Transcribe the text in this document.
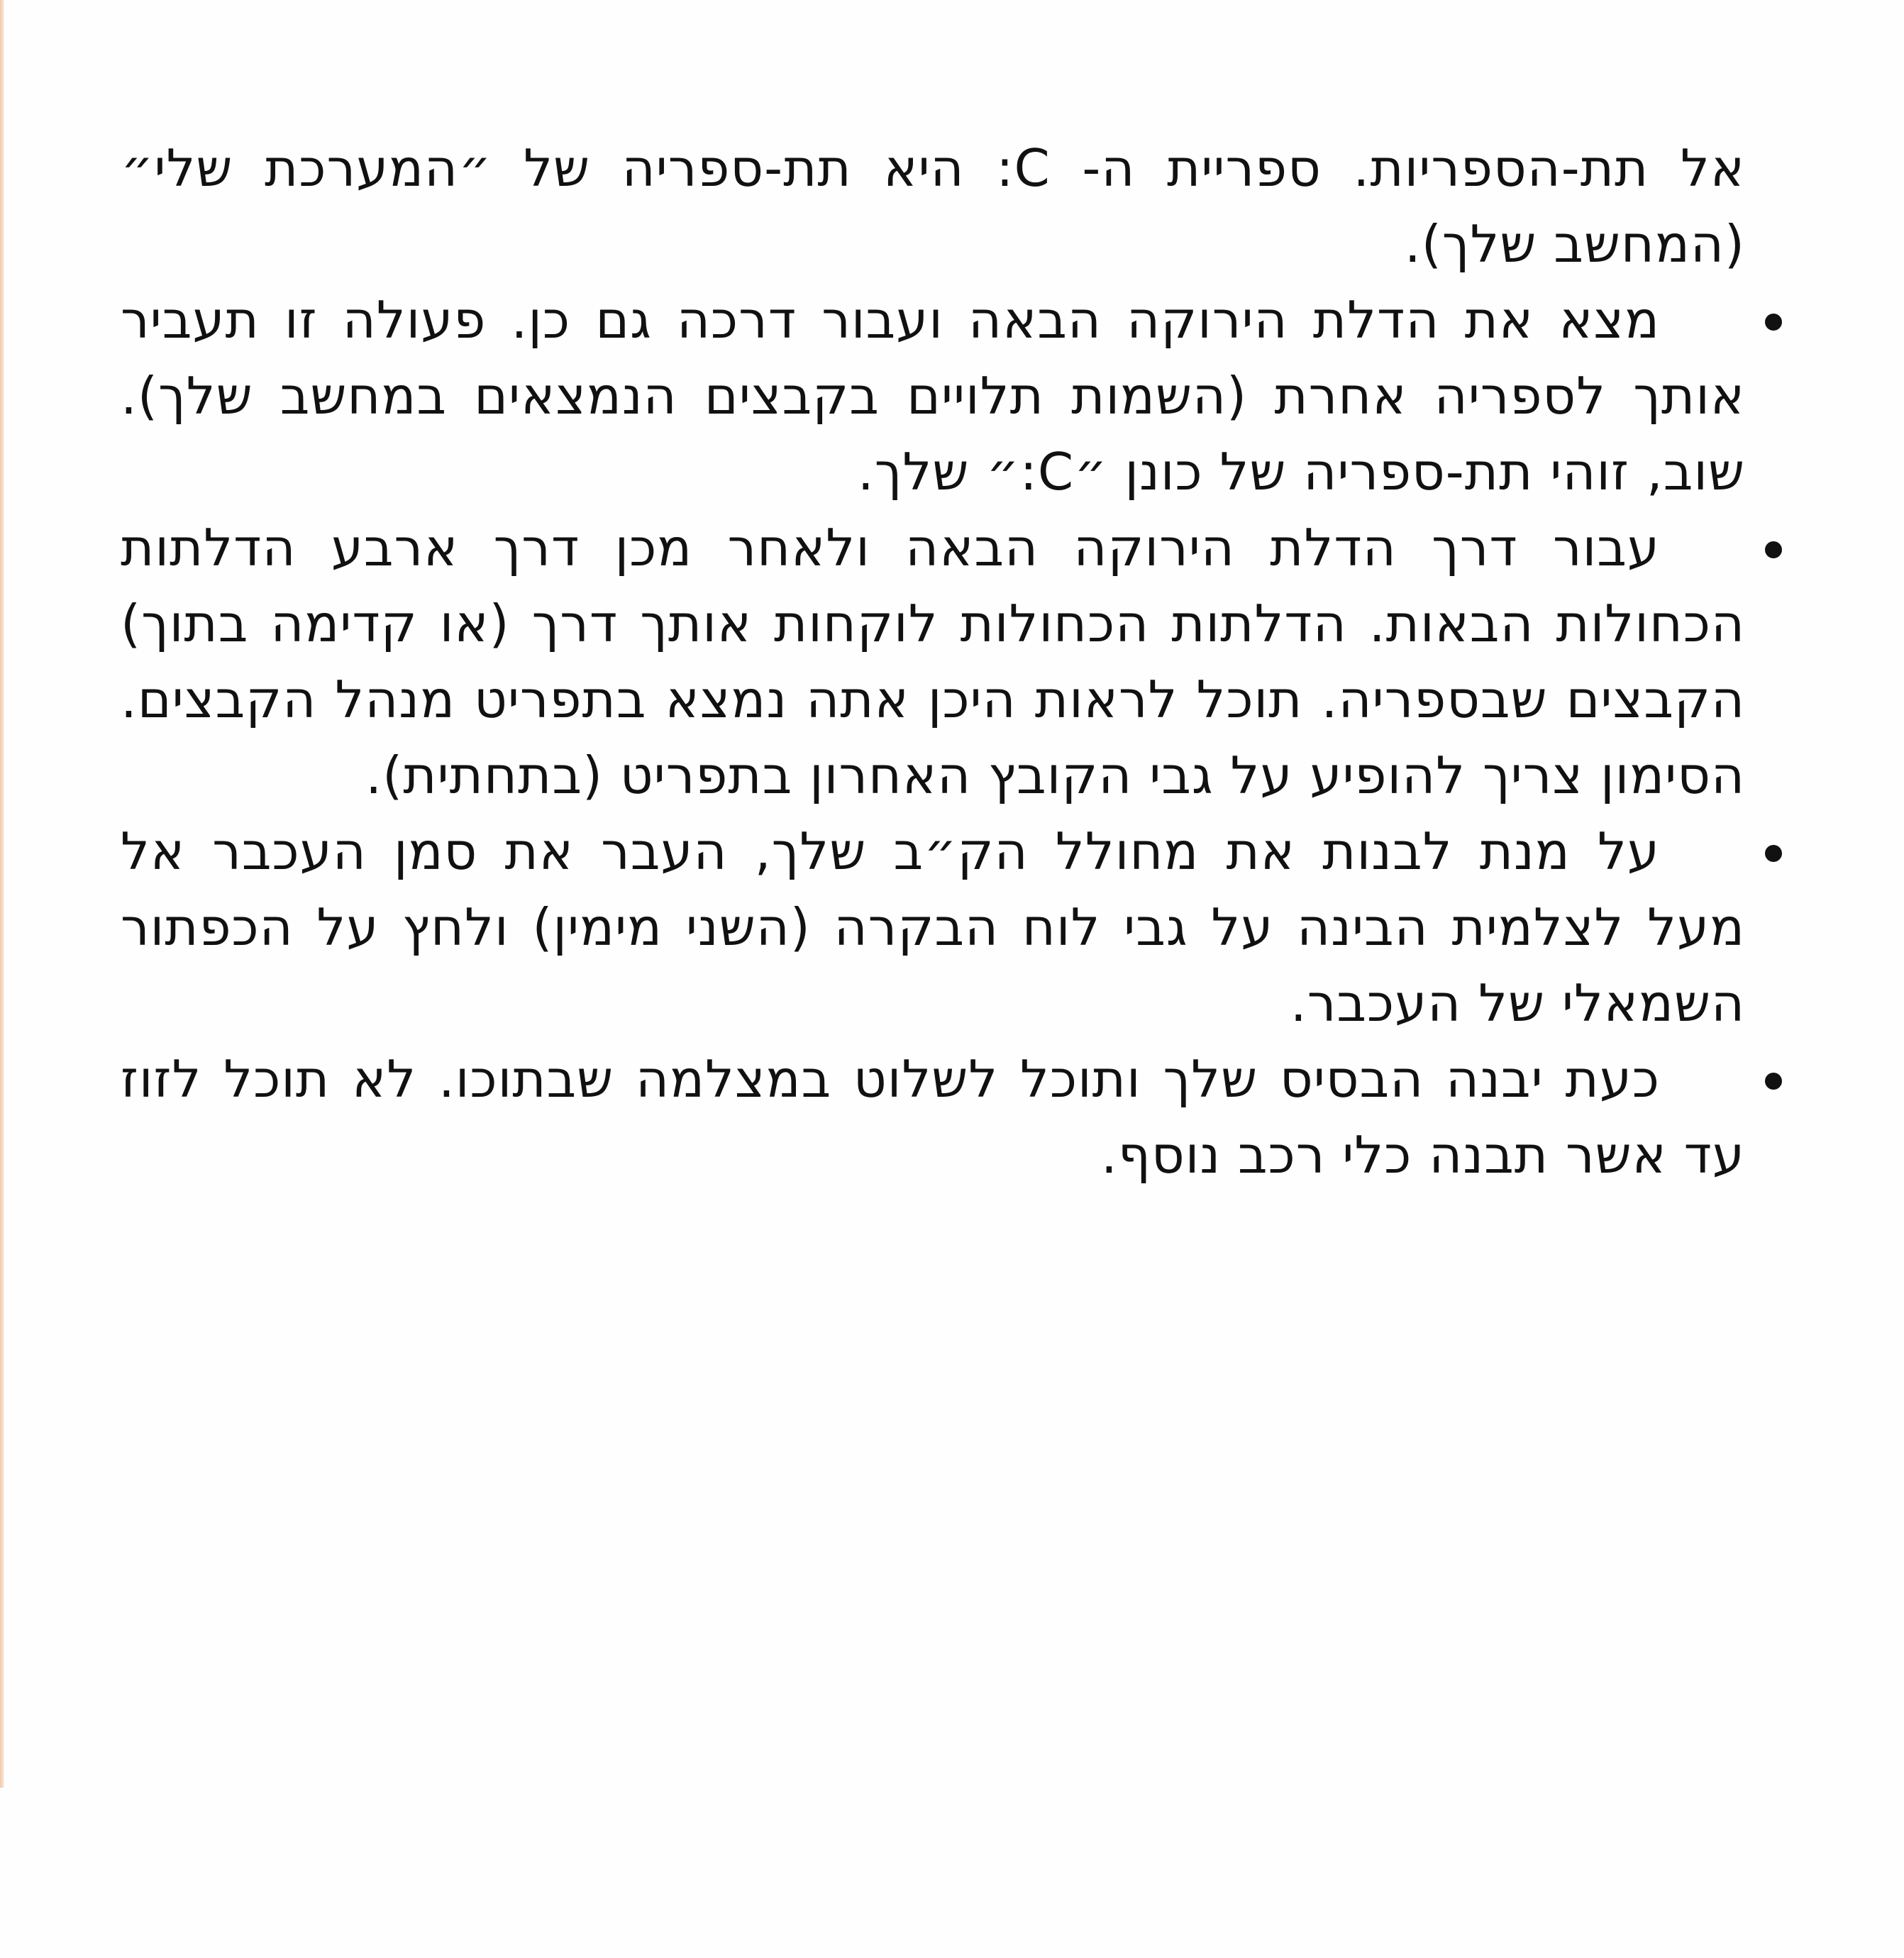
אל תת-הספריות. ספריית ה- C: היא תת-ספריה של ״המערכת שלי״ (המחשב שלך).

מצא את הדלת הירוקה הבאה ועבור דרכה גם כן. פעולה זו תעביר אותך לספריה אחרת (השמות תלויים בקבצים הנמצאים במחשב שלך). שוב, זוהי תת-ספריה של כונן ״C:״ שלך.
עבור דרך הדלת הירוקה הבאה ולאחר מכן דרך ארבע הדלתות הכחולות הבאות. הדלתות הכחולות לוקחות אותך דרך (או קדימה בתוך) הקבצים שבספריה. תוכל לראות היכן אתה נמצא בתפריט מנהל הקבצים. הסימון צריך להופיע על גבי הקובץ האחרון בתפריט (בתחתית).
על מנת לבנות את מחולל הק״ב שלך, העבר את סמן העכבר אל מעל לצלמית הבינה על גבי לוח הבקרה (השני מימין) ולחץ על הכפתור השמאלי של העכבר.
כעת יבנה הבסיס שלך ותוכל לשלוט במצלמה שבתוכו. לא תוכל לזוז עד אשר תבנה כלי רכב נוסף.
